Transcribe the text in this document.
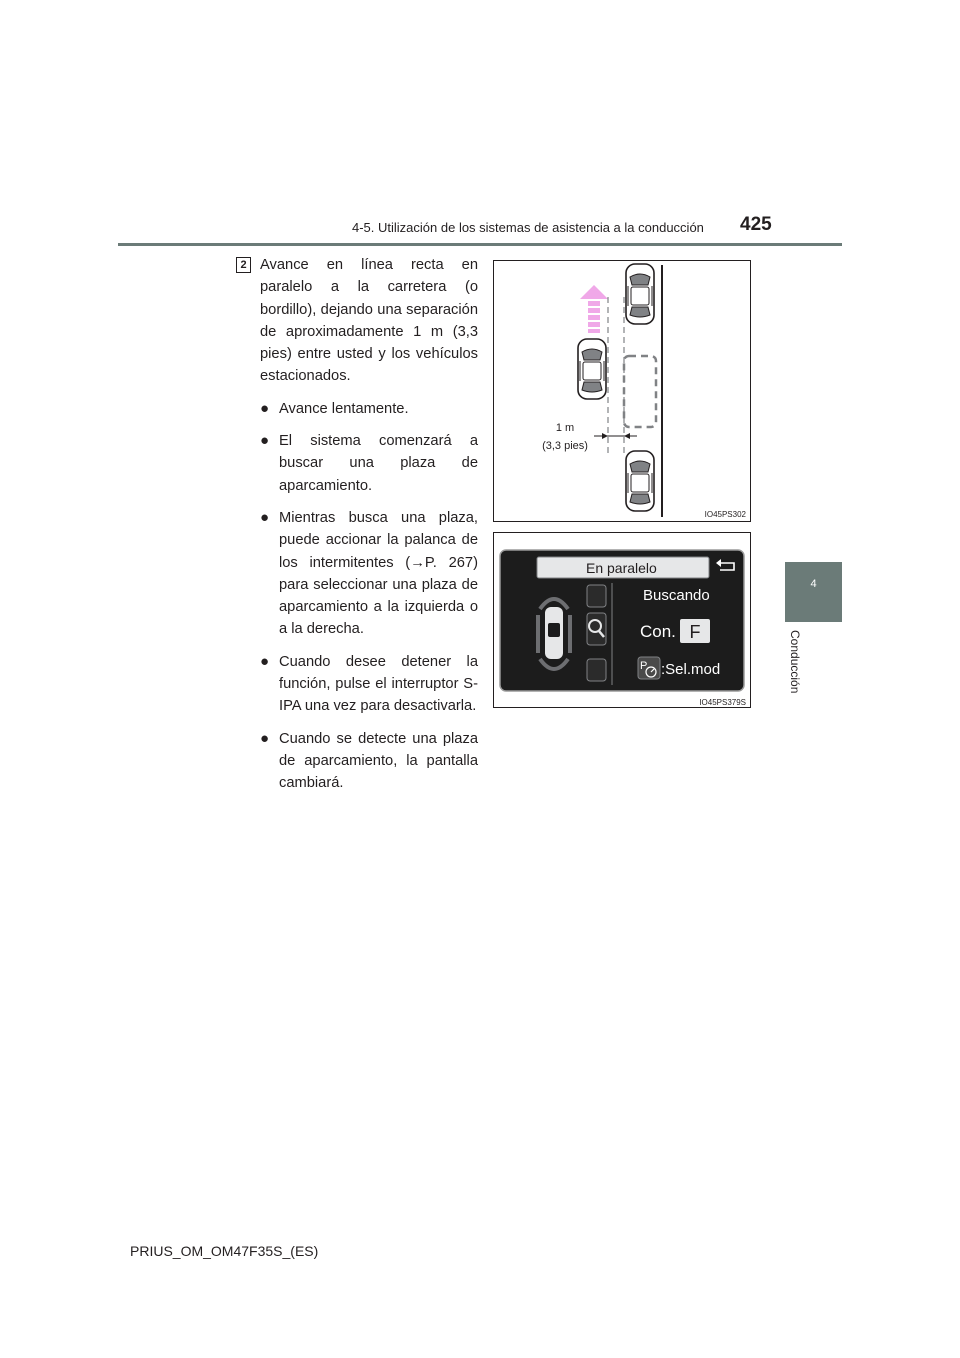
4-5. Utilización de los sistemas de asistencia a la conducción 425
4
Conducción
2 Avance en línea recta en paralelo a la carretera (o bordillo), dejando una separación de aproximadamente 1 m (3,3 pies) entre usted y los vehículos estacionados.

● Avance lentamente.

● El sistema comenzará a buscar una plaza de aparcamiento.

● Mientras busca una plaza, puede accionar la palanca de los intermitentes (→P. 267) para seleccionar una plaza de aparcamiento a la izquierda o a la derecha.

● Cuando desee detener la función, pulse el interruptor S-IPA una vez para desactivarla.

● Cuando se detecte una plaza de aparcamiento, la pantalla cambiará.

1 m
(3,3 pies)
IO45PS302
En paralelo
Buscando
Con. F
P :Sel.mod
IO45PS379S
PRIUS_OM_OM47F35S_(ES)
